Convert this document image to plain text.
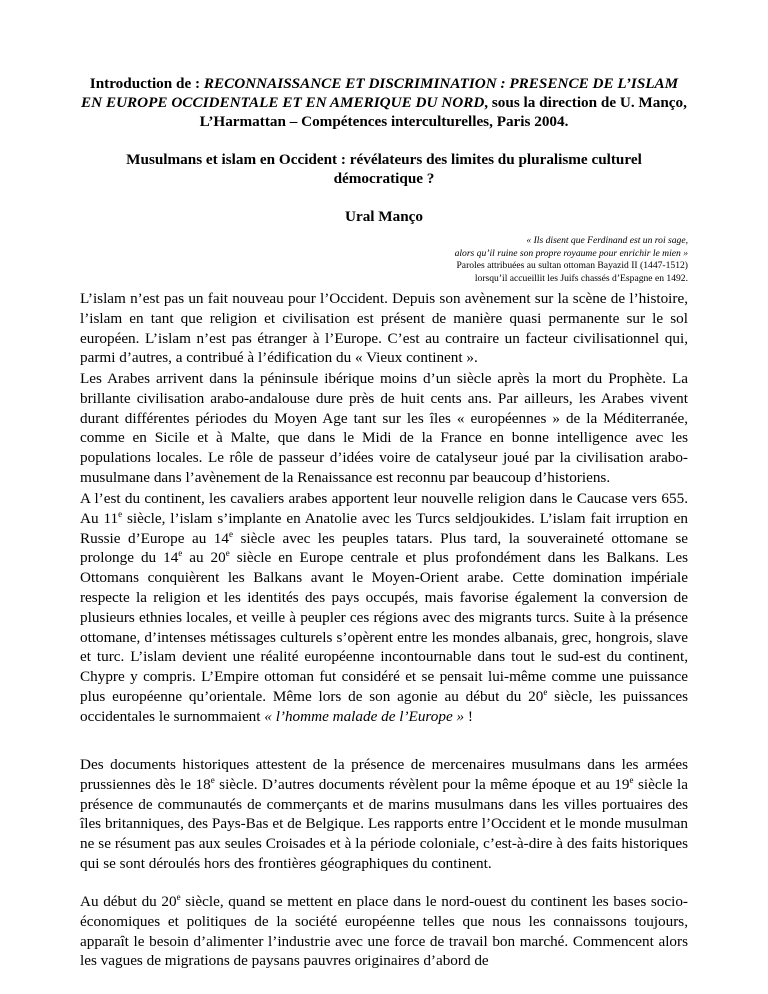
Introduction de : RECONNAISSANCE ET DISCRIMINATION : PRESENCE DE L’ISLAM EN EUROPE OCCIDENTALE ET EN AMERIQUE DU NORD, sous la direction de U. Manço, L’Harmattan – Compétences interculturelles, Paris 2004.
Musulmans et islam en Occident : révélateurs des limites du pluralisme culturel démocratique ?
Ural Manço
« Ils disent que Ferdinand est un roi sage,
alors qu’il ruine son propre royaume pour enrichir le mien »
Paroles attribuées au sultan ottoman Bayazid II (1447-1512)
lorsqu’il accueillit les Juifs chassés d’Espagne en 1492.

L’islam n’est pas un fait nouveau pour l’Occident. Depuis son avènement sur la scène de l’histoire, l’islam en tant que religion et civilisation est présent de manière quasi permanente sur le sol européen. L’islam n’est pas étranger à l’Europe. C’est au contraire un facteur civilisationnel qui, parmi d’autres, a contribué à l’édification du « Vieux continent ».

Les Arabes arrivent dans la péninsule ibérique moins d’un siècle après la mort du Prophète. La brillante civilisation arabo-andalouse dure près de huit cents ans. Par ailleurs, les Arabes vivent durant différentes périodes du Moyen Age tant sur les îles « européennes » de la Méditerranée, comme en Sicile et à Malte, que dans le Midi de la France en bonne intelligence avec les populations locales. Le rôle de passeur d’idées voire de catalyseur joué par la civilisation arabo-musulmane dans l’avènement de la Renaissance est reconnu par beaucoup d’historiens.

A l’est du continent, les cavaliers arabes apportent leur nouvelle religion dans le Caucase vers 655. Au 11e siècle, l’islam s’implante en Anatolie avec les Turcs seldjoukides. L’islam fait irruption en Russie d’Europe au 14e siècle avec les peuples tatars. Plus tard, la souveraineté ottomane se prolonge du 14e au 20e siècle en Europe centrale et plus profondément dans les Balkans. Les Ottomans conquièrent les Balkans avant le Moyen-Orient arabe. Cette domination impériale respecte la religion et les identités des pays occupés, mais favorise également la conversion de plusieurs ethnies locales, et veille à peupler ces régions avec des migrants turcs. Suite à la présence ottomane, d’intenses métissages culturels s’opèrent entre les mondes albanais, grec, hongrois, slave et turc. L’islam devient une réalité européenne incontournable dans tout le sud-est du continent, Chypre y compris. L’Empire ottoman fut considéré et se pensait lui-même comme une puissance plus européenne qu’orientale. Même lors de son agonie au début du 20e siècle, les puissances occidentales le surnommaient « l’homme malade de l’Europe » !

Des documents historiques attestent de la présence de mercenaires musulmans dans les armées prussiennes dès le 18e siècle. D’autres documents révèlent pour la même époque et au 19e siècle la présence de communautés de commerçants et de marins musulmans dans les villes portuaires des îles britanniques, des Pays-Bas et de Belgique. Les rapports entre l’Occident et le monde musulman ne se résument pas aux seules Croisades et à la période coloniale, c’est-à-dire à des faits historiques qui se sont déroulés hors des frontières géographiques du continent.

Au début du 20e siècle, quand se mettent en place dans le nord-ouest du continent les bases socio-économiques et politiques de la société européenne telles que nous les connaissons toujours, apparaît le besoin d’alimenter l’industrie avec une force de travail bon marché. Commencent alors les vagues de migrations de paysans pauvres originaires d’abord de
